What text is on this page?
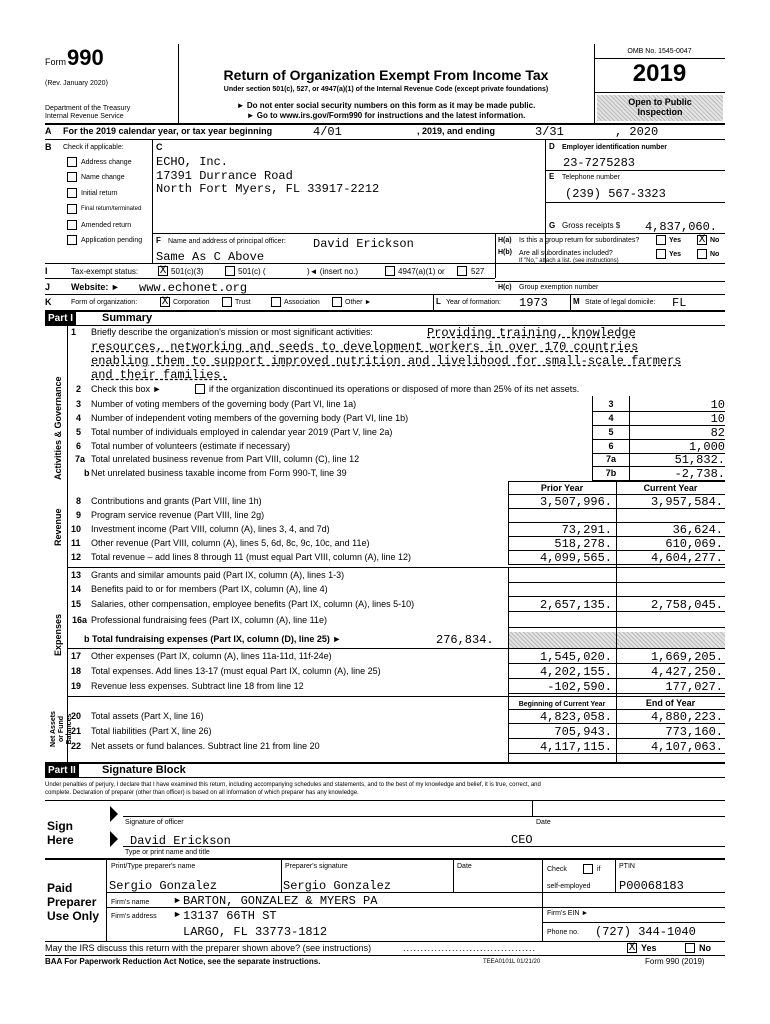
Form 990
(Rev. January 2020)
Department of the Treasury
Internal Revenue Service
Return of Organization Exempt From Income Tax
Under section 501(c), 527, or 4947(a)(1) of the Internal Revenue Code (except private foundations)
► Do not enter social security numbers on this form as it may be made public.
► Go to www.irs.gov/Form990 for instructions and the latest information.
OMB No. 1545-0047
2019
Open to Public
Inspection
A For the 2019 calendar year, or tax year beginning	4/01	, 2019, and ending	3/31	, 2020
B Check if applicable:	C
Address change
Name change
Initial return
Final return/terminated
Amended return
Application pending
ECHO, Inc.
17391 Durrance Road
North Fort Myers, FL 33917-2212
D Employer identification number
23-7275283
E Telephone number
(239) 567-3323
G Gross receipts $ 4,837,060.
F Name and address of principal officer: David Erickson
Same As C Above
H(a) Is this a group return for subordinates?	Yes X No
H(b) Are all subordinates included?
If "No," attach a list. (see instructions)
Yes	No
I	Tax-exempt status: X 501(c)(3)	501(c) (	)◄ (insert no.)	4947(a)(1) or	527
H(c) Group exemption number
J Website: ► www.echonet.org
K	Form of organization: X Corporation	Trust	Association	Other ►	L Year of formation: 1973	M State of legal domicile: FL
Part I	Summary
Activities & Governance
Revenue
Expenses
Net Assets or Fund Balances
1 Briefly describe the organization's mission or most significant activities:	Providing training, knowledge
resources, networking and seeds to development workers in over 170 countries
enabling them to support improved nutrition and livelihood for small-scale farmers
and their families.
2 Check this box ►	if the organization discontinued its operations or disposed of more than 25% of its net assets.
3 Number of voting members of the governing body (Part VI, line 1a)	3	10
4 Number of independent voting members of the governing body (Part VI, line 1b)	4	10
5 Total number of individuals employed in calendar year 2019 (Part V, line 2a)	5	82
6 Total number of volunteers (estimate if necessary)	6	1,000
7a Total unrelated business revenue from Part VIII, column (C), line 12	7a	51,832.
b Net unrelated business taxable income from Form 990-T, line 39	7b	-2,738.
Prior Year	Current Year
8 Contributions and grants (Part VIII, line 1h)	3,507,996.	3,957,584.
9 Program service revenue (Part VIII, line 2g)
10 Investment income (Part VIII, column (A), lines 3, 4, and 7d)	73,291.	36,624.
11 Other revenue (Part VIII, column (A), lines 5, 6d, 8c, 9c, 10c, and 11e)	518,278.	610,069.
12 Total revenue – add lines 8 through 11 (must equal Part VIII, column (A), line 12)	4,099,565.	4,604,277.
13 Grants and similar amounts paid (Part IX, column (A), lines 1-3)
14 Benefits paid to or for members (Part IX, column (A), line 4)
15 Salaries, other compensation, employee benefits (Part IX, column (A), lines 5-10)	2,657,135.	2,758,045.
16a Professional fundraising fees (Part IX, column (A), line 11e)
b Total fundraising expenses (Part IX, column (D), line 25) ►	276,834.
17 Other expenses (Part IX, column (A), lines 11a-11d, 11f-24e)	1,545,020.	1,669,205.
18 Total expenses. Add lines 13-17 (must equal Part IX, column (A), line 25)	4,202,155.	4,427,250.
19 Revenue less expenses. Subtract line 18 from line 12	-102,590.	177,027.
Beginning of Current Year	End of Year
20 Total assets (Part X, line 16)	4,823,058.	4,880,223.
21 Total liabilities (Part X, line 26)	705,943.	773,160.
22 Net assets or fund balances. Subtract line 21 from line 20	4,117,115.	4,107,063.
Part II Signature Block
Under penalties of perjury, I declare that I have examined this return, including accompanying schedules and statements, and to the best of my knowledge and belief, it is true, correct, and
complete. Declaration of preparer (other than officer) is based on all information of which preparer has any knowledge.
Sign
Here
Signature of officer	Date
David Erickson	CEO
Type or print name and title
Paid
Preparer
Use Only
Print/Type preparer's name	Preparer's signature	Date	Check	if
self-employed
PTIN
Sergio Gonzalez	Sergio Gonzalez	P00068183
Firm's name	► BARTON, GONZALEZ & MYERS PA
Firm's EIN ►
Firm's address ► 13137 66TH ST
LARGO, FL 33773-1812	Phone no. (727) 344-1040
May the IRS discuss this return with the preparer shown above? (see instructions)	......................................	X Yes	No
BAA For Paperwork Reduction Act Notice, see the separate instructions.	TEEA0101L 01/21/20	Form 990 (2019)
